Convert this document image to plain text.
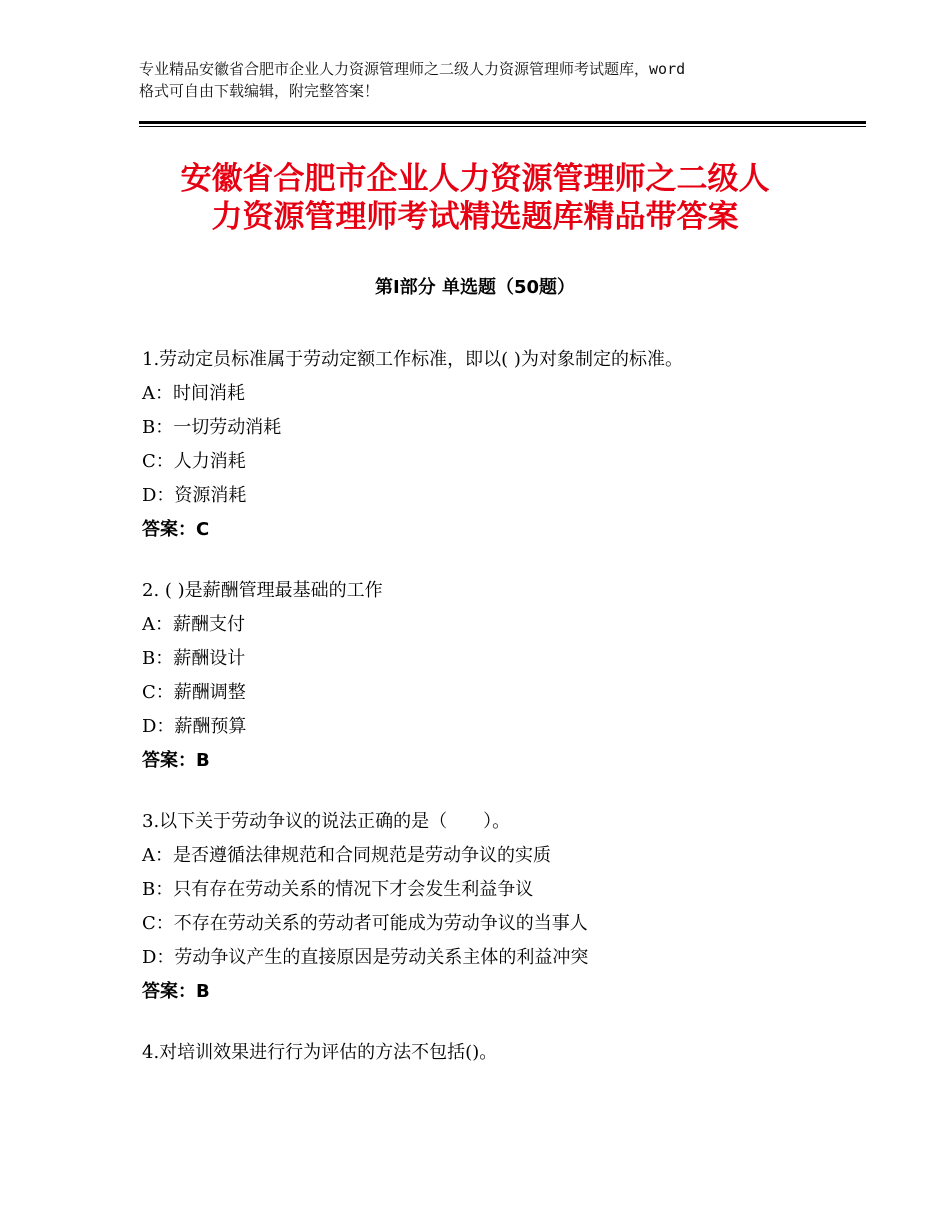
专业精品安徽省合肥市企业人力资源管理师之二级人力资源管理师考试题库，word
格式可自由下载编辑，附完整答案！
安徽省合肥市企业人力资源管理师之二级人
力资源管理师考试精选题库精品带答案
第Ⅰ部分 单选题（50题）
1.劳动定员标准属于劳动定额工作标准，即以( )为对象制定的标准。
A：时间消耗
B：一切劳动消耗
C：人力消耗
D：资源消耗
答案：C
2. ( )是薪酬管理最基础的工作
A：薪酬支付
B：薪酬设计
C：薪酬调整
D：薪酬预算
答案：B
3.以下关于劳动争议的说法正确的是（　　）。
A：是否遵循法律规范和合同规范是劳动争议的实质
B：只有存在劳动关系的情况下才会发生利益争议
C：不存在劳动关系的劳动者可能成为劳动争议的当事人
D：劳动争议产生的直接原因是劳动关系主体的利益冲突
答案：B
4.对培训效果进行行为评估的方法不包括()。
